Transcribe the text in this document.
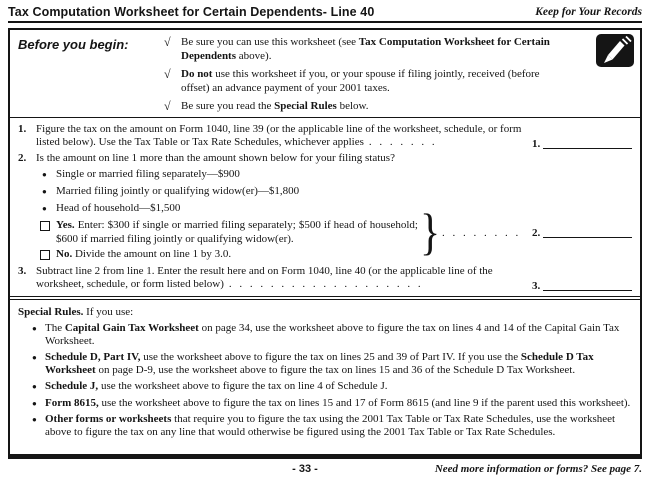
Tax Computation Worksheet for Certain Dependents- Line 40	Keep for Your Records
Before you begin:	√ Be sure you can use this worksheet (see Tax Computation Worksheet for Certain Dependents above).
√ Do not use this worksheet if you, or your spouse if filing jointly, received (before offset) an advance payment of your 2001 taxes.
√ Be sure you read the Special Rules below.
1. Figure the tax on the amount on Form 1040, line 39 (or the applicable line of the worksheet, schedule, or form listed below). Use the Tax Table or Tax Rate Schedules, whichever applies . . . . . . .	1.
2. Is the amount on line 1 more than the amount shown below for your filing status?
● Single or married filing separately—$900
● Married filing jointly or qualifying widow(er)—$1,800
● Head of household—$1,500
Yes. Enter: $300 if single or married filing separately; $500 if head of household; $600 if married filing jointly or qualifying widow(er).	} . . . . . . . .	2.
No. Divide the amount on line 1 by 3.0.
3. Subtract line 2 from line 1. Enter the result here and on Form 1040, line 40 (or the applicable line of the worksheet, schedule, or form listed below) . . . . . . . . . . . . . . . . . . .	3.
Special Rules. If you use:
● The Capital Gain Tax Worksheet on page 34, use the worksheet above to figure the tax on lines 4 and 14 of the Capital Gain Tax Worksheet.
● Schedule D, Part IV, use the worksheet above to figure the tax on lines 25 and 39 of Part IV. If you use the Schedule D Tax Worksheet on page D-9, use the worksheet above to figure the tax on lines 15 and 36 of the Schedule D Tax Worksheet.
● Schedule J, use the worksheet above to figure the tax on line 4 of Schedule J.
● Form 8615, use the worksheet above to figure the tax on lines 15 and 17 of Form 8615 (and line 9 if the parent used this worksheet).
● Other forms or worksheets that require you to figure the tax using the 2001 Tax Table or Tax Rate Schedules, use the worksheet above to figure the tax on any line that would otherwise be figured using the 2001 Tax Table or Tax Rate Schedules.
- 33 -	Need more information or forms? See page 7.
